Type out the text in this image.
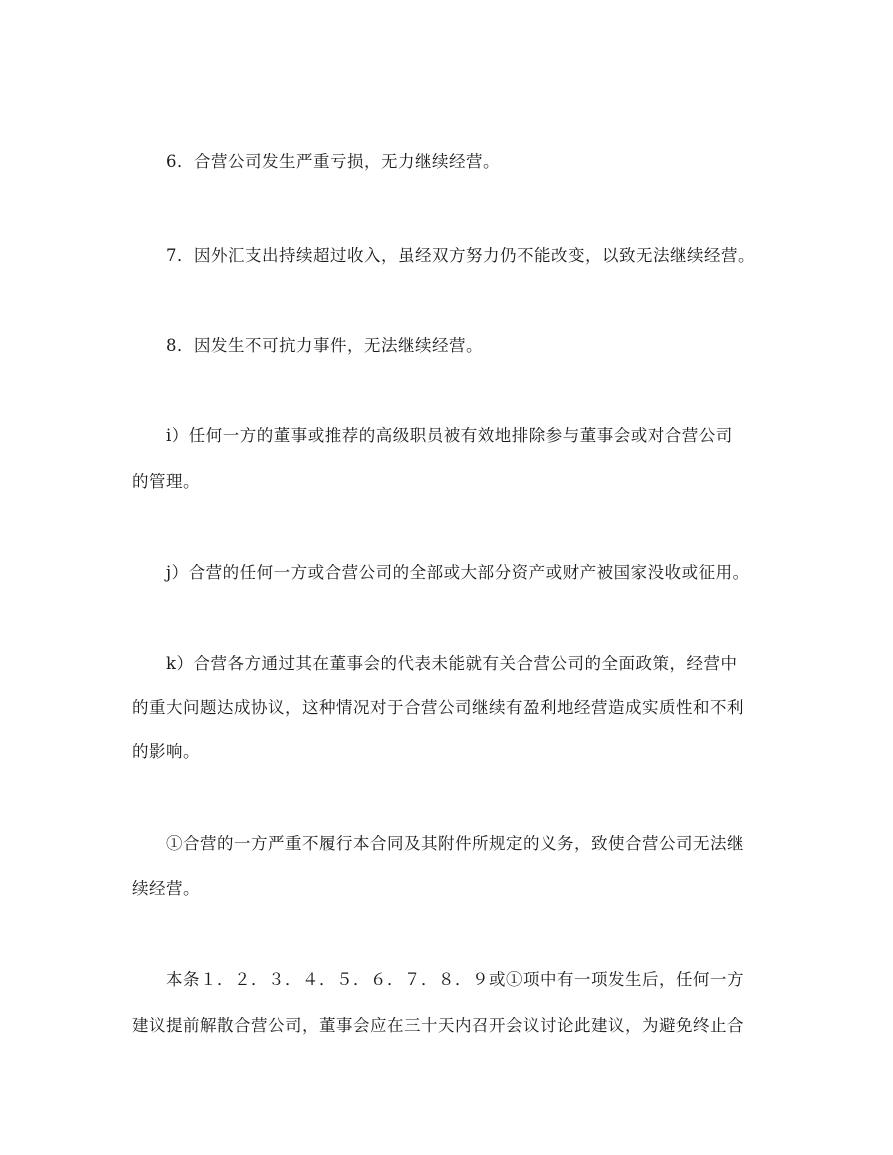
　　6．合营公司发生严重亏损，无力继续经营。
　　7．因外汇支出持续超过收入，虽经双方努力仍不能改变，以致无法继续经营。
　　8．因发生不可抗力事件，无法继续经营。
　　i）任何一方的董事或推荐的高级职员被有效地排除参与董事会或对合营公司
的管理。
　　j）合营的任何一方或合营公司的全部或大部分资产或财产被国家没收或征用。
　　k）合营各方通过其在董事会的代表未能就有关合营公司的全面政策，经营中
的重大问题达成协议，这种情况对于合营公司继续有盈利地经营造成实质性和不利
的影响。
　　①合营的一方严重不履行本合同及其附件所规定的义务，致使合营公司无法继
续经营。
　　本条１．２．３．４．５．６．７．８．９或①项中有一项发生后，任何一方
建议提前解散合营公司，董事会应在三十天内召开会议讨论此建议，为避免终止合
